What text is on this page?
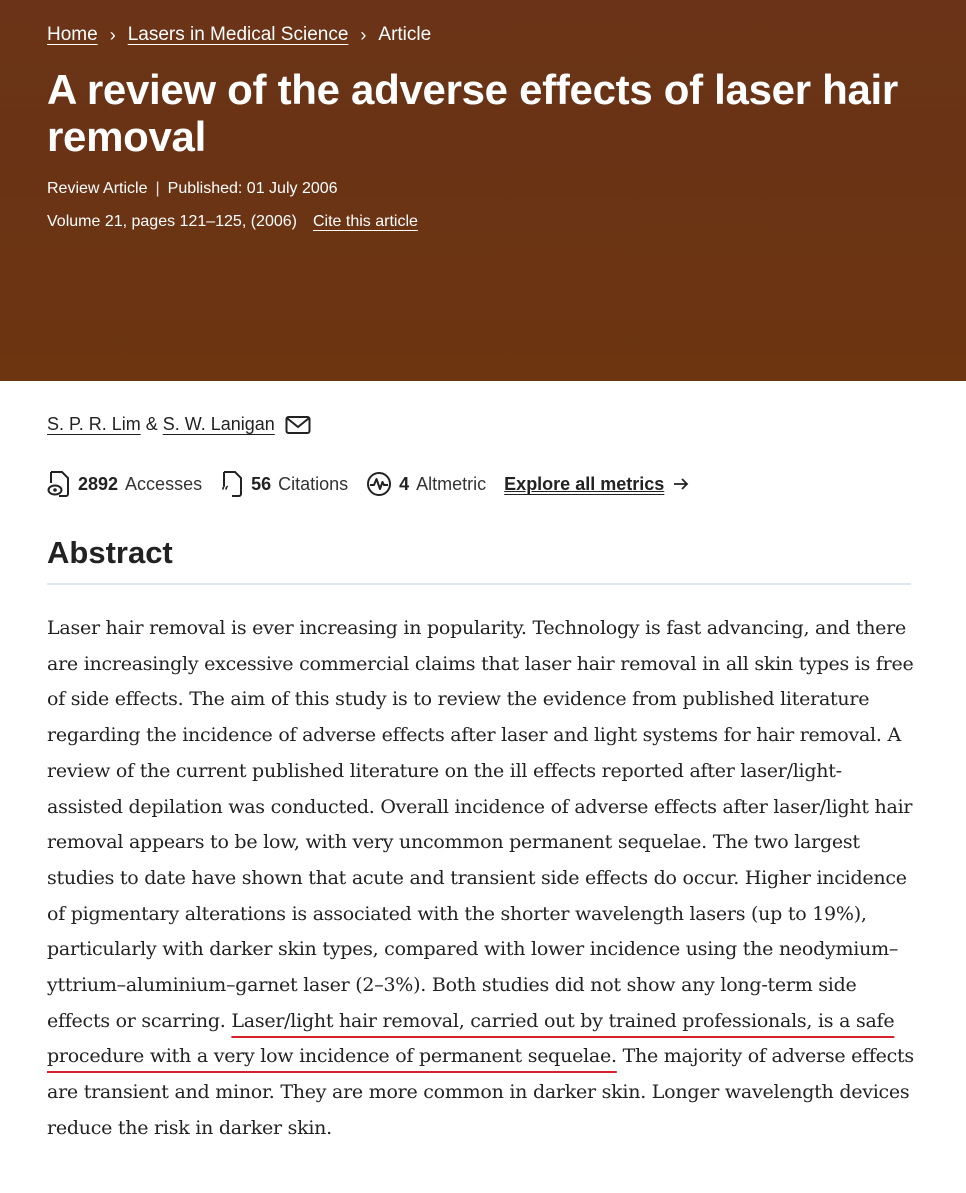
Home › Lasers in Medical Science › Article
A review of the adverse effects of laser hair removal
Review Article | Published: 01 July 2006
Volume 21, pages 121–125, (2006) Cite this article
S. P. R. Lim & S. W. Lanigan
2892 Accesses “ 56 Citations	4 Altmetric Explore all metrics
Abstract

Laser hair removal is ever increasing in popularity. Technology is fast advancing, and there are increasingly excessive commercial claims that laser hair removal in all skin types is free of side effects. The aim of this study is to review the evidence from published literature regarding the incidence of adverse effects after laser and light systems for hair removal. A review of the current published literature on the ill effects reported after laser/light-assisted depilation was conducted. Overall incidence of adverse effects after laser/light hair removal appears to be low, with very uncommon permanent sequelae. The two largest studies to date have shown that acute and transient side effects do occur. Higher incidence of pigmentary alterations is associated with the shorter wavelength lasers (up to 19%), particularly with darker skin types, compared with lower incidence using the neodymium–yttrium–aluminium–garnet laser (2–3%). Both studies did not show any long-term side effects or scarring. Laser/light hair removal, carried out by trained professionals, is a safe procedure with a very low incidence of permanent sequelae. The majority of adverse effects are transient and minor. They are more common in darker skin. Longer wavelength devices reduce the risk in darker skin.
